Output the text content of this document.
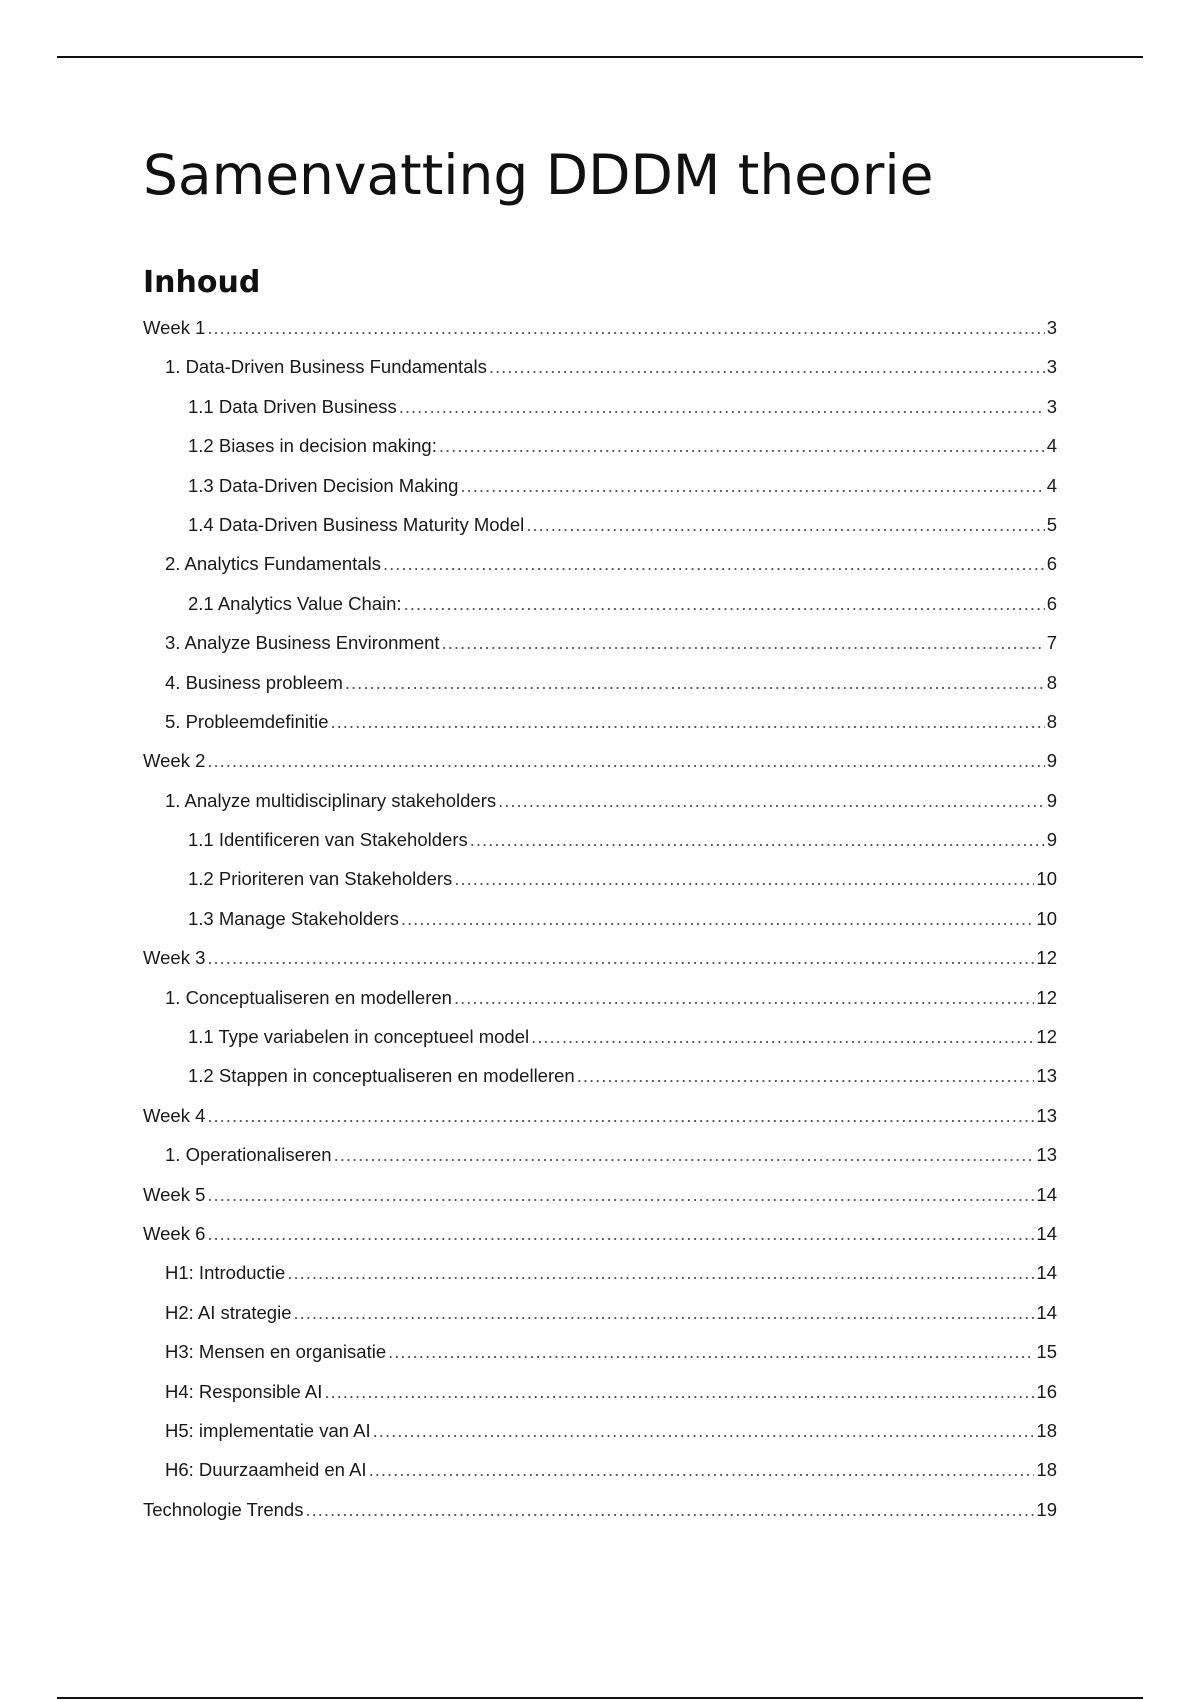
Samenvatting DDDM theorie
Inhoud
Week 1 .....	3
1. Data-Driven Business Fundamentals .....	3
1.1 Data Driven Business .....	3
1.2 Biases in decision making: .....	4
1.3 Data-Driven Decision Making .....	4
1.4 Data-Driven Business Maturity Model .....	5
2. Analytics Fundamentals .....	6
2.1 Analytics Value Chain: .....	6
3. Analyze Business Environment .....	7
4. Business probleem .....	8
5. Probleemdefinitie .....	8
Week 2 .....	9
1. Analyze multidisciplinary stakeholders .....	9
1.1 Identificeren van Stakeholders .....	9
1.2 Prioriteren van Stakeholders .....	10
1.3 Manage Stakeholders .....	10
Week 3 .....	12
1. Conceptualiseren en modelleren .....	12
1.1 Type variabelen in conceptueel model .....	12
1.2 Stappen in conceptualiseren en modelleren .....	13
Week 4 .....	13
1. Operationaliseren .....	13
Week 5 .....	14
Week 6 .....	14
H1: Introductie .....	14
H2: AI strategie .....	14
H3: Mensen en organisatie .....	15
H4: Responsible AI .....	16
H5: implementatie van AI .....	18
H6: Duurzaamheid en AI .....	18
Technologie Trends .....	19
